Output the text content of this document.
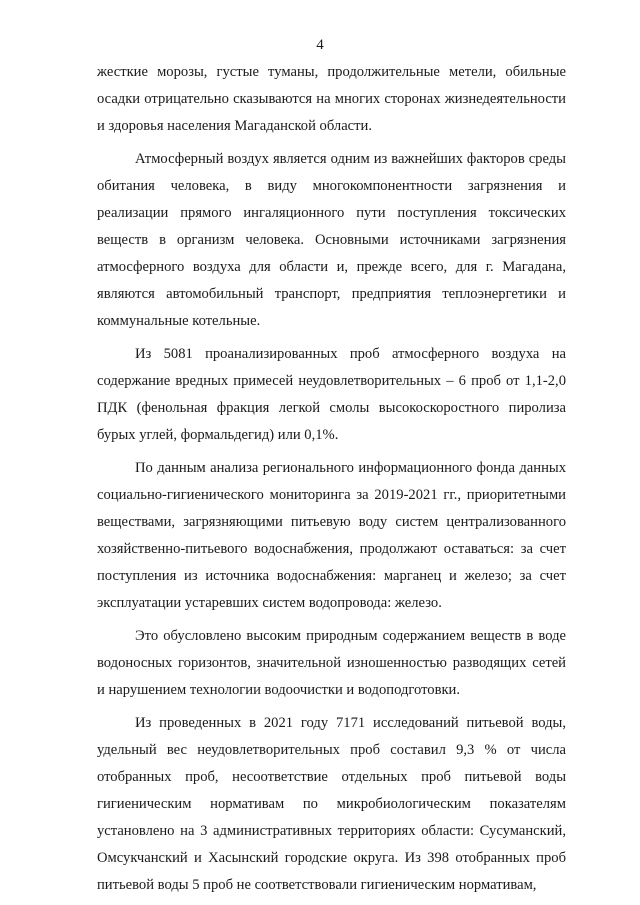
4

жесткие морозы, густые туманы, продолжительные метели, обильные осадки отрицательно сказываются на многих сторонах жизнедеятельности и здоровья населения Магаданской области.

Атмосферный воздух является одним из важнейших факторов среды обитания человека, в виду многокомпонентности загрязнения и реализации прямого ингаляционного пути поступления токсических веществ в организм человека. Основными источниками загрязнения атмосферного воздуха для области и, прежде всего, для г. Магадана, являются автомобильный транспорт, предприятия теплоэнергетики и коммунальные котельные.

Из 5081 проанализированных проб атмосферного воздуха на содержание вредных примесей неудовлетворительных – 6 проб от 1,1-2,0 ПДК (фенольная фракция легкой смолы высокоскоростного пиролиза бурых углей, формальдегид) или 0,1%.

По данным анализа регионального информационного фонда данных социально-гигиенического мониторинга за 2019-2021 гг., приоритетными веществами, загрязняющими питьевую воду систем централизованного хозяйственно-питьевого водоснабжения, продолжают оставаться: за счет поступления из источника водоснабжения: марганец и железо; за счет эксплуатации устаревших систем водопровода: железо.

Это обусловлено высоким природным содержанием веществ в воде водоносных горизонтов, значительной изношенностью разводящих сетей и нарушением технологии водоочистки и водоподготовки.

Из проведенных в 2021 году 7171 исследований питьевой воды, удельный вес неудовлетворительных проб составил 9,3 % от числа отобранных проб, несоответствие отдельных проб питьевой воды гигиеническим нормативам по микробиологическим показателям установлено на 3 административных территориях области: Сусуманский, Омсукчанский и Хасынский городские округа. Из 398 отобранных проб питьевой воды 5 проб не соответствовали гигиеническим нормативам,
